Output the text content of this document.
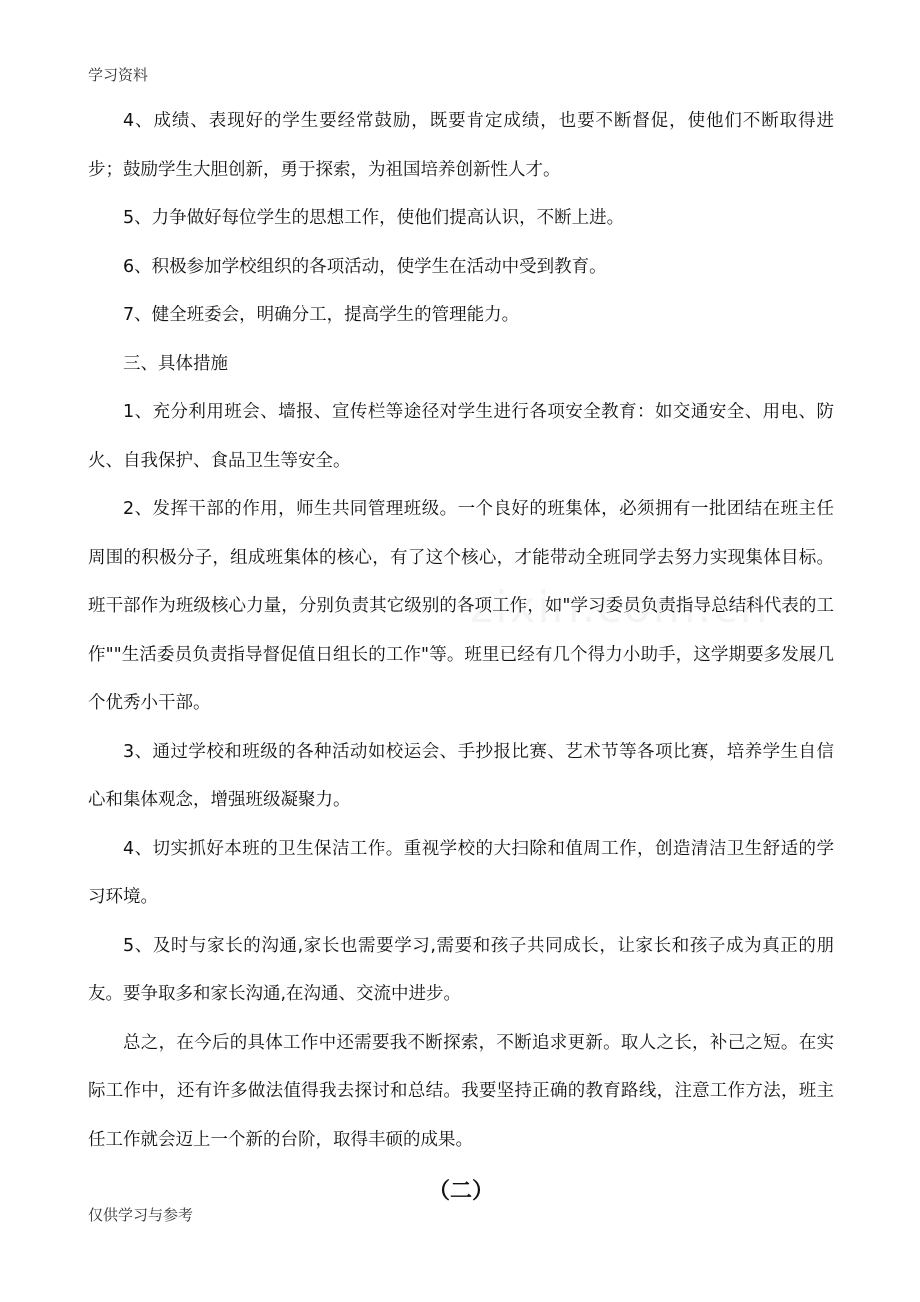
学习资料

4、成绩、表现好的学生要经常鼓励，既要肯定成绩，也要不断督促，使他们不断取得进步；鼓励学生大胆创新，勇于探索，为祖国培养创新性人才。

5、力争做好每位学生的思想工作，使他们提高认识，不断上进。

6、积极参加学校组织的各项活动，使学生在活动中受到教育。

7、健全班委会，明确分工，提高学生的管理能力。

三、具体措施

1、充分利用班会、墙报、宣传栏等途径对学生进行各项安全教育：如交通安全、用电、防火、自我保护、食品卫生等安全。

2、发挥干部的作用，师生共同管理班级。一个良好的班集体，必须拥有一批团结在班主任周围的积极分子，组成班集体的核心，有了这个核心，才能带动全班同学去努力实现集体目标。班干部作为班级核心力量，分别负责其它级别的各项工作，如"学习委员负责指导总结科代表的工作""生活委员负责指导督促值日组长的工作"等。班里已经有几个得力小助手，这学期要多发展几个优秀小干部。

3、通过学校和班级的各种活动如校运会、手抄报比赛、艺术节等各项比赛，培养学生自信心和集体观念，增强班级凝聚力。

4、切实抓好本班的卫生保洁工作。重视学校的大扫除和值周工作，创造清洁卫生舒适的学习环境。

5、及时与家长的沟通,家长也需要学习,需要和孩子共同成长，让家长和孩子成为真正的朋友。要争取多和家长沟通,在沟通、交流中进步。

总之，在今后的具体工作中还需要我不断探索，不断追求更新。取人之长，补己之短。在实际工作中，还有许多做法值得我去探讨和总结。我要坚持正确的教育路线，注意工作方法，班主任工作就会迈上一个新的台阶，取得丰硕的成果。

（二）

仅供学习与参考
